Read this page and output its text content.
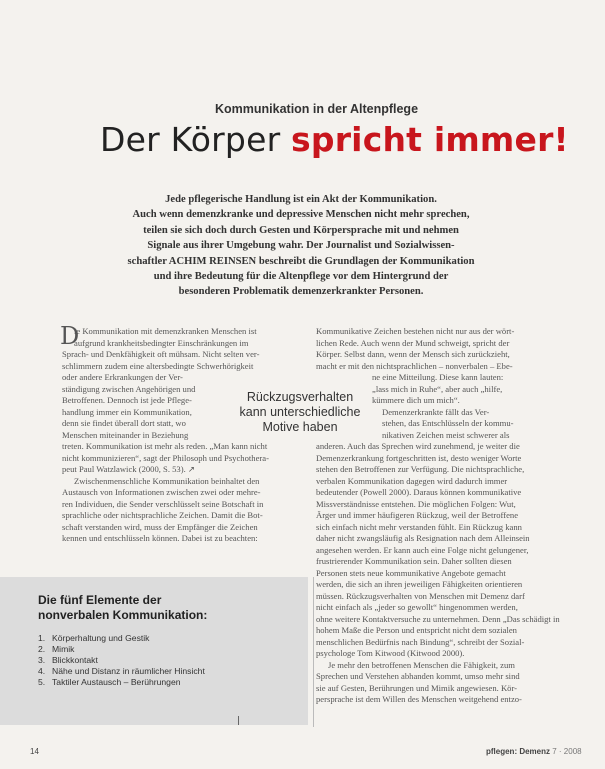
Kommunikation in der Altenpflege
Der Körper spricht immer!

Jede pflegerische Handlung ist ein Akt der Kommunikation.

Auch wenn demenzkranke und depressive Menschen nicht mehr sprechen,

teilen sie sich doch durch Gesten und Körpersprache mit und nehmen

Signale aus ihrer Umgebung wahr. Der Journalist und Sozialwissen-

schaftler ACHIM REINSEN beschreibt die Grundlagen der Kommunikation

und ihre Bedeutung für die Altenpflege vor dem Hintergrund der

besonderen Problematik demenzerkrankter Personen.

D

ie Kommunikation mit demenzkranken Menschen ist

aufgrund krankheitsbedingter Einschränkungen im

Sprach- und Denkfähigkeit oft mühsam. Nicht selten ver-

schlimmern zudem eine altersbedingte Schwerhörigkeit

oder andere Erkrankungen der Ver-

ständigung zwischen Angehörigen und

Betroffenen. Dennoch ist jede Pflege-

handlung immer ein Kommunikation,

denn sie findet überall dort statt, wo

Menschen miteinander in Beziehung

treten. Kommunikation ist mehr als reden. „Man kann nicht

nicht kommunizieren“, sagt der Philosoph und Psychothera-

peut Paul Watzlawick (2000, S. 53). ↗

Zwischenmenschliche Kommunikation beinhaltet den

Austausch von Informationen zwischen zwei oder mehre-

ren Individuen, die Sender verschlüsselt seine Botschaft in

sprachliche oder nichtsprachliche Zeichen. Damit die Bot-

schaft verstanden wird, muss der Empfänger die Zeichen

kennen und entschlüsseln können. Dabei ist zu beachten:

Kommunikative Zeichen bestehen nicht nur aus der wört-

lichen Rede. Auch wenn der Mund schweigt, spricht der

Körper. Selbst dann, wenn der Mensch sich zurückzieht,

macht er mit den nichtsprachlichen – nonverbalen – Ebe-

ne eine Mitteilung. Diese kann lauten:

„lass mich in Ruhe“, aber auch „hilfe,

kümmere dich um mich“.

Demenzerkrankte fällt das Ver-

stehen, das Entschlüsseln der kommu-

nikativen Zeichen meist schwerer als

anderen. Auch das Sprechen wird zunehmend, je weiter die

Demenzerkrankung fortgeschritten ist, desto weniger Worte

stehen den Betroffenen zur Verfügung. Die nichtsprachliche,

verbalen Kommunikation dagegen wird dadurch immer

bedeutender (Powell 2000). Daraus können kommunikative

Missverständnisse entstehen. Die möglichen Folgen: Wut,

Ärger und immer häufigeren Rückzug, weil der Betroffene

sich einfach nicht mehr verstanden fühlt. Ein Rückzug kann

daher nicht zwangsläufig als Resignation nach dem Alleinsein

angesehen werden. Er kann auch eine Folge nicht gelungener,

frustrierender Kommunikation sein. Daher sollten diesen

Personen stets neue kommunikative Angebote gemacht

werden, die sich an ihren jeweiligen Fähigkeiten orientieren

müssen. Rückzugsverhalten von Menschen mit Demenz darf

nicht einfach als „jeder so gewollt“ hingenommen werden,

ohne weitere Kontaktversuche zu unternehmen. Denn „Das schädigt in

hohem Maße die Person und entspricht nicht dem sozialen

menschlichen Bedürfnis nach Bindung“, schreibt der Sozial-

psychologe Tom Kitwood (Kitwood 2000).

Je mehr den betroffenen Menschen die Fähigkeit, zum

Sprechen und Verstehen abhanden kommt, umso mehr sind

sie auf Gesten, Berührungen und Mimik angewiesen. Kör-

persprache ist dem Willen des Menschen weitgehend entzo-

Rückzugsverhalten
kann unterschiedliche
Motive haben
Die fünf Elemente der
nonverbalen Kommunikation:
1. Körperhaltung und Gestik
2. Mimik
3. Blickkontakt
4. Nähe und Distanz in räumlicher Hinsicht
5. Taktiler Austausch – Berührungen
14	pflegen: Demenz 7 · 2008
